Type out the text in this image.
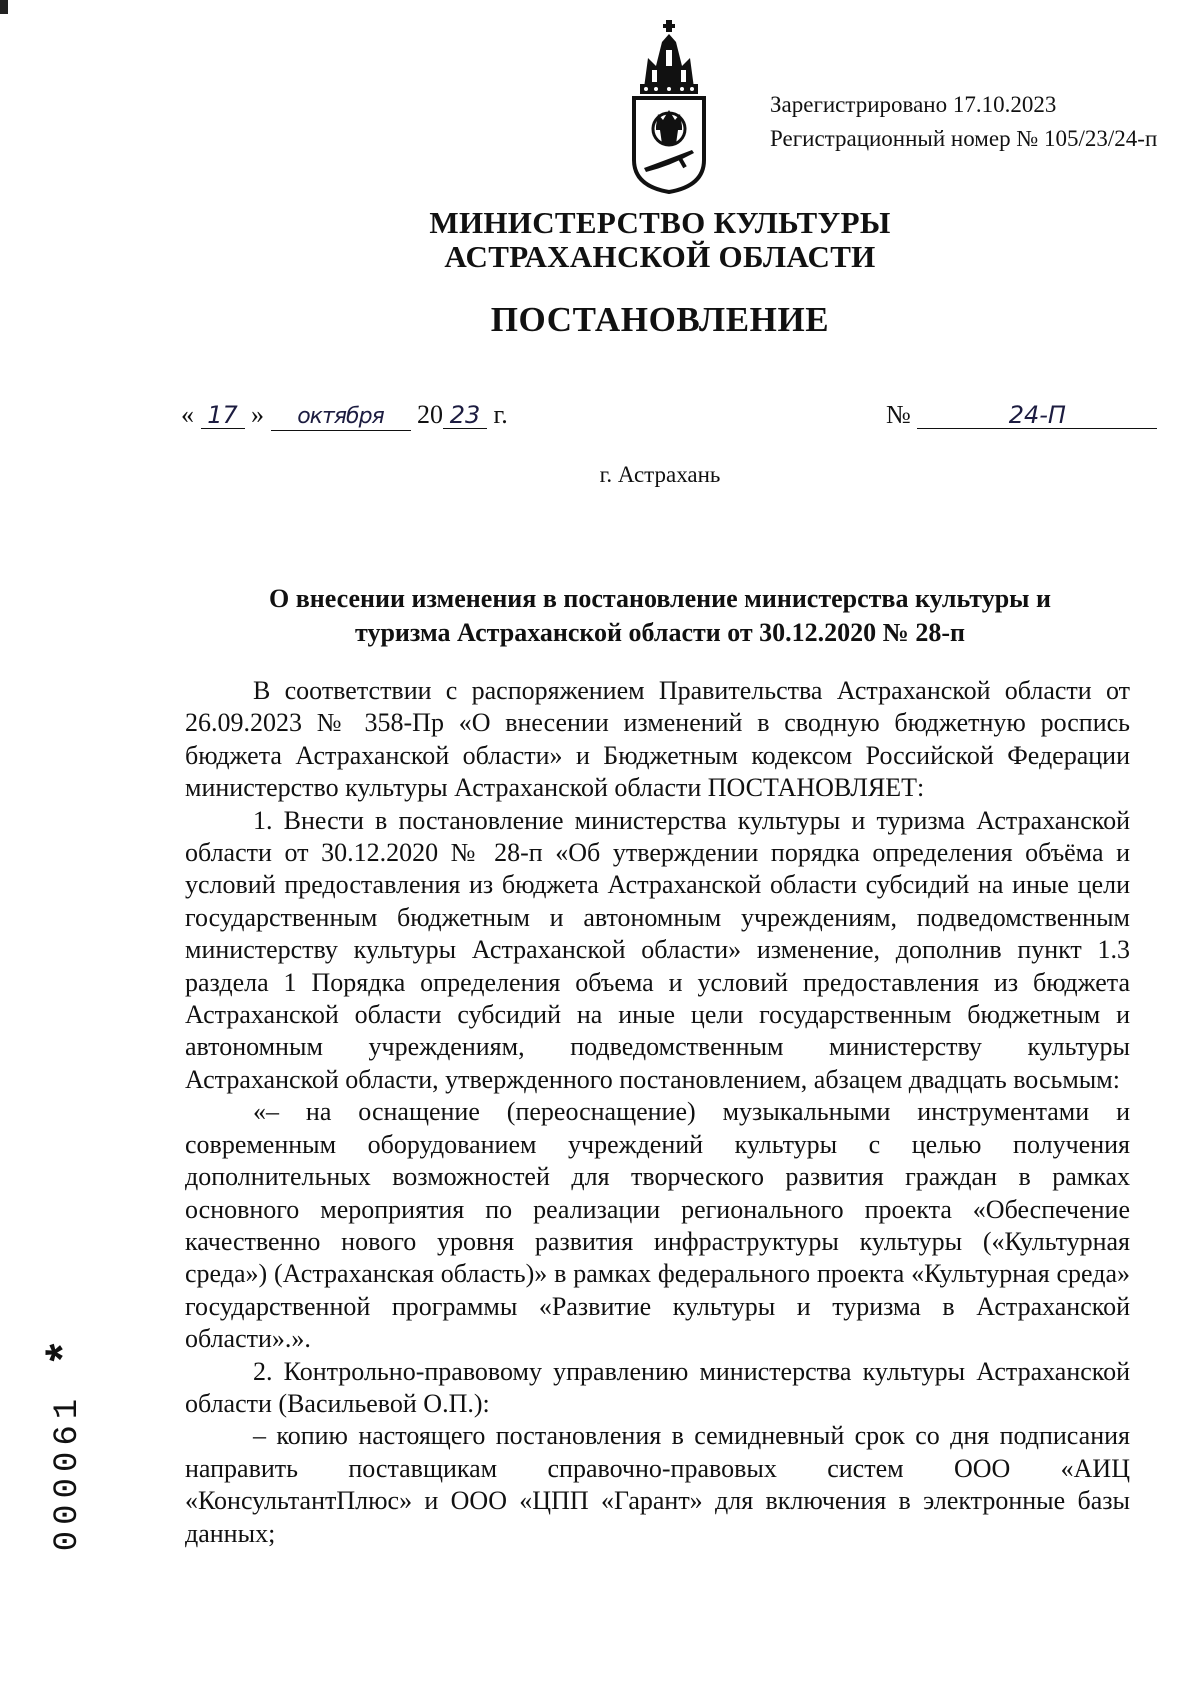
Зарегистрировано 17.10.2023
Регистрационный номер № 105/23/24-п
МИНИСТЕРСТВО КУЛЬТУРЫ
АСТРАХАНСКОЙ ОБЛАСТИ
ПОСТАНОВЛЕНИЕ
« 17 » октября 20 23 г.	№	24-П
г. Астрахань
О внесении изменения в постановление министерства культуры и
туризма Астраханской области от 30.12.2020 № 28-п

В соответствии с распоряжением Правительства Астраханской области от 26.09.2023 № 358-Пр «О внесении изменений в сводную бюджетную роспись бюджета Астраханской области» и Бюджетным кодексом Российской Федерации министерство культуры Астраханской области ПОСТАНОВЛЯЕТ:

1. Внести в постановление министерства культуры и туризма Астраханской области от 30.12.2020 № 28-п «Об утверждении порядка определения объёма и условий предоставления из бюджета Астраханской области субсидий на иные цели государственным бюджетным и автономным учреждениям, подведомственным министерству культуры Астраханской области» изменение, дополнив пункт 1.3 раздела 1 Порядка определения объема и условий предоставления из бюджета Астраханской области субсидий на иные цели государственным бюджетным и автономным учреждениям, подведомственным министерству культуры Астраханской области, утвержденного постановлением, абзацем двадцать восьмым:

«– на оснащение (переоснащение) музыкальными инструментами и современным оборудованием учреждений культуры с целью получения дополнительных возможностей для творческого развития граждан в рамках основного мероприятия по реализации регионального проекта «Обеспечение качественно нового уровня развития инфраструктуры культуры («Культурная среда») (Астраханская область)» в рамках федерального проекта «Культурная среда» государственной программы «Развитие культуры и туризма в Астраханской области».».

2. Контрольно-правовому управлению министерства культуры Астраханской области (Васильевой О.П.):

– копию настоящего постановления в семидневный срок со дня подписания направить поставщикам справочно-правовых систем ООО «АИЦ «КонсультантПлюс» и ООО «ЦПП «Гарант» для включения в электронные базы данных;

000061 *
